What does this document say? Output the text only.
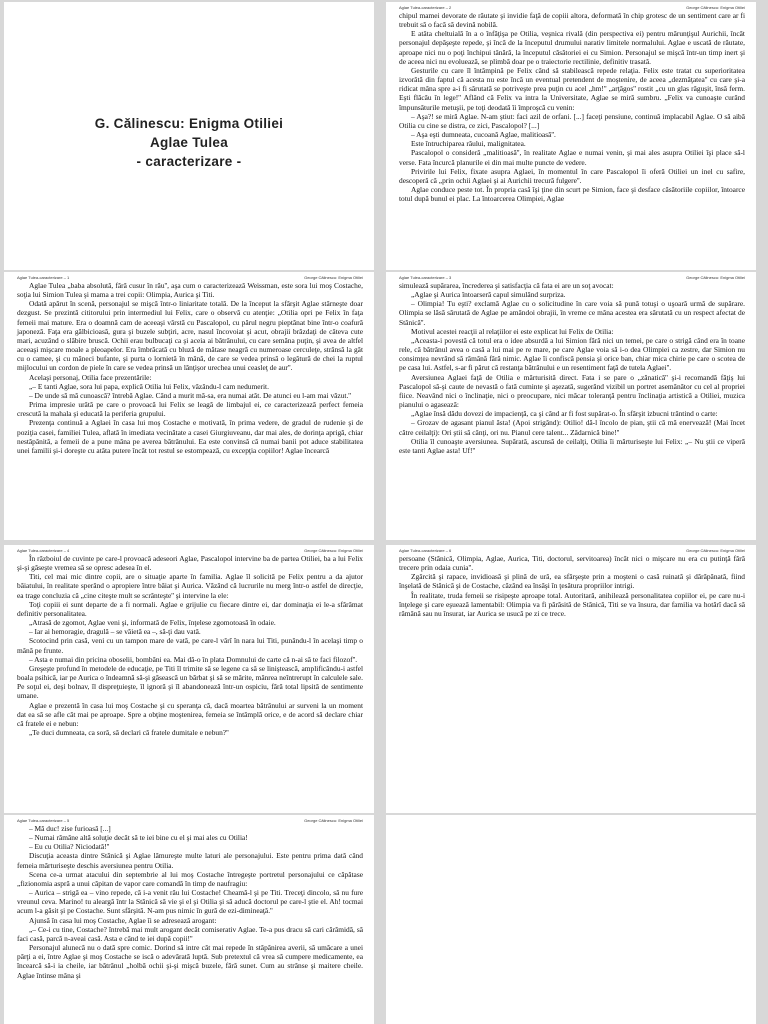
G. Călinescu: Enigma Otiliei
Aglae Tulea
- caracterizare -
Aglae Tulea-caracterizare – 2	George Călinescu: Enigma Otiliei

chipul mamei devorate de răutate şi invidie faţă de copiii altora, deformată în chip grotesc de un sentiment care ar fi trebuit să o facă să devină nobilă.

E atâta cheltuială în a o înfăţişa pe Otilia, veşnica rivală (din perspectiva ei) pentru mărunţişul Aurichii, încât personajul depăşeşte repede, şi încă de la începutul drumului narativ limitele normalului. Aglae e uscată de răutate, aproape nici nu o poţi închipui tânără, la începutul căsătoriei ei cu Simion. Personajul se mişcă într-un timp inert şi de aceea nici nu evoluează, se plimbă doar pe o traiectorie rectilinie, definitiv trasată.

Gesturile cu care îl întâmpină pe Felix când să stabilească repede relaţia. Felix este tratat cu superioritatea izvorâtă din faptul că acesta nu este încă un eventual pretendent de moştenire, de aceea „dezmăţatea'' cu care şi-a ridicat mâna spre a-i fi sărutată se potriveşte prea puţin cu acel „hm!'' „arţăgos'' rostit „cu un glas răguşit, însă ferm. Eşti flăcău în lege!'' Aflând că Felix va intra la Universitate, Aglae se miră sumbru. „Felix va cunoaşte curând împunsăturile metuşii, pe toţi deodată îi împroşcă cu venin:

– Aşa?! se miră Aglae. N-am ştiut: faci azil de orfani. [...] faceţi pensiune, continuă implacabil Aglae. O să aibă Otilia cu cine se distra, ce zici, Pascalopol? [...]

– Aşa eşti dumneata, cucoană Aglae, malitioasă''.

Este întruchiparea răului, malignitatea.

Pascalopol o consideră „malitioasă'', în realitate Aglae e numai venin, şi mai ales asupra Otiliei îşi place să-l verse. Fata încurcă planurile ei din mai multe puncte de vedere.

Privirile lui Felix, fixate asupra Aglaei, în momentul în care Pascalopol îi oferă Otiliei un inel cu safire, descoperă că „prin ochii Aglaei şi ai Aurichii trecură fulgere''.

Aglae conduce peste tot. În propria casă îşi ţine din scurt pe Simion, face şi desface căsătoriile copiilor, întoarce totul după bunul ei plac. La întoarcerea Olimpiei, Aglae

Aglae Tulea-caracterizare – 1	George Călinescu: Enigma Otiliei

Aglae Tulea „baba absolută, fără cusur în rău'', aşa cum o caracterizează Weissman, este sora lui moş Costache, soţia lui Simion Tulea şi mama a trei copii: Olimpia, Aurica şi Titi.

Odată apărut în scenă, personajul se mişcă într-o liniaritate totală. De la început la sfârşit Aglae stârneşte doar dezgust. Se prezintă cititorului prin intermediul lui Felix, care o observă cu atenţie: „Otilia opri pe Felix în faţa femeii mai mature. Era o doamnă cam de aceeaşi vârstă cu Pascalopol, cu părul negru pieptănat bine într-o coafură japoneză. Faţa era gălbicioasă, gura şi buzele subţiri, acre, nasul încovoiat şi acut, obrajii brăzdaţi de câteva cute mari, acuzând o slăbire bruscă. Ochii erau bulbucaţi ca şi aceia ai bătrânului, cu care semăna puţin, şi avea de altfel aceeaşi mişcare moale a pleoapelor. Era îmbrăcată cu bluză de mătase neagră cu numeroase cerculeţe, strânsă la gât cu o camee, şi cu mâneci bufante, şi purta o lornietă în mână, de care se vedea prinsă o legătură de chei la ruptul mijlocului un cordon de piele în care se vedea prinsă un lănţişor urechea unui ceasleţ de aur''.

Acelaşi personaj, Otilia face prezentările:

„– E tanti Aglae, sora lui papa, explică Otilia lui Felix, văzându-l cam nedumerit.

– De unde să mă cunoască? întrebă Aglae. Când a murit mă-sa, era numai atât. De atunci eu l-am mai văzut.''

Prima impresie urâtă pe care o provoacă lui Felix se leagă de limbajul ei, ce caracterizează perfect femeia crescută la mahala şi educată la periferia grupului.

Prezenţa continuă a Aglaei în casa lui moş Costache e motivată, în prima vedere, de gradul de rudenie şi de poziţia casei, familiei Tulea, aflată în imediata vecinătate a casei Giurgiuveanu, dar mai ales, de dorinţa aprigă, chiar nestăpânită, a femeii de a pune mâna pe averea bătrânului. Ea este convinsă că numai banii pot aduce stabilitatea unei familii şi-i doreşte cu atâta putere încât tot restul se estompează, cu excepţia copiilor! Aglae încearcă

Aglae Tulea-caracterizare – 3	George Călinescu: Enigma Otiliei

simulează supărarea, încrederea şi satisfacţia că fata ei are un soţ avocat:

„Aglae şi Aurica întoarseră capul simulând surpriza.

– Olimpia! Tu eşti? exclamă Aglae cu o solicitudine în care voia să pună totuşi o uşoară urmă de supărare. Olimpia se lăsă sărutată de Aglae pe amândoi obrajii, în vreme ce mâna acestea era sărutată cu un respect afectat de Stănică''.

Motivul acestei reacţii al relaţiilor ei este explicat lui Felix de Otilia:

„Aceasta-i povestă că totul era o idee absurdă a lui Simion fără nici un temei, pe care o strigă când era în toane rele, că bătrânul avea o casă a lui mai pe re mare, pe care Aglae voia să i-o dea Olimpiei ca zestre, dar Simion nu consimţea nevrând să rămână fără nimic. Aglae îi confiscă pensia şi orice ban, chiar mica chirie pe care o scotea de pe casa lui. Astfel, s-ar fi părut că restanţa bătrânului e un resentiment faţă de tutela Aglaei''.

Aversiunea Aglaei faţă de Otilia e mărturisită direct. Fata i se pare o „zănatică'' şi-i recomandă făţiş lui Pascalopol să-şi caute de nevastă o fată cuminte şi aşezată, sugerând vizibil un portret asemănător cu cel al propriei fiice. Neavând nici o înclinaţie, nici o preocupare, nici măcar toleranţă pentru înclinaţia artistică a Otiliei, muzica pianului o agasează:

„Aglae însă dădu dovezi de impacienţă, ca şi când ar fi fost supărat-o. În sfârşit izbucni trântind o carte:

– Grozav de agasant pianul ăsta! (Apoi strigând): Otilio! dă-l încolo de pian, ştii că mă enervează! (Mai încet către ceilalţi): Ori ştii să cânţi, ori nu. Pianul cere talent... Zădarnică bine!''

Otilia îl cunoaşte aversiunea. Supărată, ascunsă de ceilalţi, Otilia îi mărturiseşte lui Felix: „– Nu ştii ce viperă este tanti Aglae asta! Uf!''

Aglae Tulea-caracterizare – 4	George Călinescu: Enigma Otiliei

În războiul de cuvinte pe care-l provoacă adeseori Aglae, Pascalopol intervine ba de partea Otiliei, ba a lui Felix şi-şi găseşte vremea să se opresc adesea în el.

Titi, cel mai mic dintre copii, are o situaţie aparte în familia. Aglae îl solicită pe Felix pentru a da ajutor băiatului, în realitate sperând o apropiere între băiat şi Aurica. Văzând că lucrurile nu merg într-o astfel de direcţie, ea trage concluzia că „cine citeşte mult se scrânteşte'' şi intervine la ele:

Toţi copiii ei sunt departe de a fi normali. Aglae e grijulie cu fiecare dintre ei, dar dominaţia ei le-a sfărâmat definitiv personalitatea.

„Atrasă de zgomot, Aglae veni şi, informată de Felix, înţelese zgomotoasă în odaie.

– Iar ai hemoragie, dragulă – se văietă ea –, să-ţi dau vată.

Scotocind prin casă, veni cu un tampon mare de vată, pe care-l vârî în nara lui Titi, punându-l în acelaşi timp o mână pe frunte.

– Asta e numai din pricina oboselii, bombăni ea. Mai dă-o în plata Domnului de carte că n-ai să te faci filozof''.

Greşeşte profund în metodele de educaţie, pe Titi îl trimite să se legene ca să se liniştească, amplificându-i astfel boala psihică, iar pe Aurica o îndeamnă să-şi găsească un bărbat şi să se mărite, mânrea neîntrerupt în calculele sale. Pe soţul ei, deşi bolnav, îl dispreţuieşte, îl ignoră şi îl abandonează într-un ospiciu, fără total lipsită de sentimente umane.

Aglae e prezentă în casa lui moş Costache şi cu speranţa că, dacă moartea bătrânului ar surveni la un moment dat ea să se afle cât mai pe aproape. Spre a obţine moştenirea, femeia se întâmplă orice, e de acord să declare chiar că fratele ei e nebun:

„Te duci dumneata, ca soră, să declari că fratele dumitale e nebun?''

Aglae Tulea-caracterizare – 6	George Călinescu: Enigma Otiliei

persoane (Stănică, Olimpia, Aglae, Aurica, Titi, doctorul, servitoarea) încât nici o mişcare nu era cu putinţă fără trecere prin odaia cunia''.

Zgârcită şi rapace, invidioasă şi plină de ură, ea sfârşeşte prin a moşteni o casă ruinată şi dărăpănată, fiind înşelată de Stănică şi de Costache, căzând ea însăşi în ţesătura propriilor intrigi.

În realitate, truda femeii se risipeşte aproape total. Autoritară, anihilează personalitatea copiilor ei, pe care nu-i înţelege şi care eşuează lamentabil: Olimpia va fi părăsită de Stănică, Titi se va însura, dar familia va hotărî dacă să rămână sau nu însurat, iar Aurica se usucă pe zi ce trece.

Aglae Tulea-caracterizare – 5	George Călinescu: Enigma Otiliei

– Mă duc! zise furioasă [...]

– Numai rămâne altă soluţie decât să te iei bine cu el şi mai ales cu Otilia!

– Eu cu Otilia? Niciodată!''

Discuţia aceasta dintre Stănică şi Aglae lămureşte multe laturi ale personajului. Este pentru prima dată când femeia mărturiseşte deschis aversiunea pentru Otilia.

Scena ce-a urmat atacului din septembrie al lui moş Costache întregeşte portretul personajului ce căpătase „fizionomia aspră a unui căpitan de vapor care comandă în timp de naufragiu:

– Aurica – strigă ea – vino repede, că i-a venit rău lui Costache! Cheamă-l şi pe Titi. Treceţi dincolo, să nu fure vreunul ceva. Marino! tu aleargă într la Stănică să vie şi el şi Otilia şi să aducă doctorul pe care-l ştie el. Ah! tocmai acum l-a găsit şi pe Costache. Sunt sfârşită. N-am pus nimic în gură de ezi-dimineaţă.''

Ajunsă în casa lui moş Costache, Aglae îi se adresează arogant:

„– Ce-i cu tine, Costache? întrebă mai mult arogant decât comiserativ Aglae. Te-a pus dracu să cari cărămidă, să faci casă, parcă n-aveai casă. Asta e când te iei după copii!''

Personajul alunecă nu o dată spre comic. Dorind să intre cât mai repede în stăpânirea averii, să umăcare a unei părţi a ei, între Aglae şi moş Costache se iscă o adevărată luptă. Sub pretextul că vrea să cumpere medicamente, ea încearcă să-i ia cheile, iar bătrânul „holbă ochii şi-şi mişcă buzele, fără sunet. Cum au strânse şi maitere cheile. Aglae întinse mâna şi
